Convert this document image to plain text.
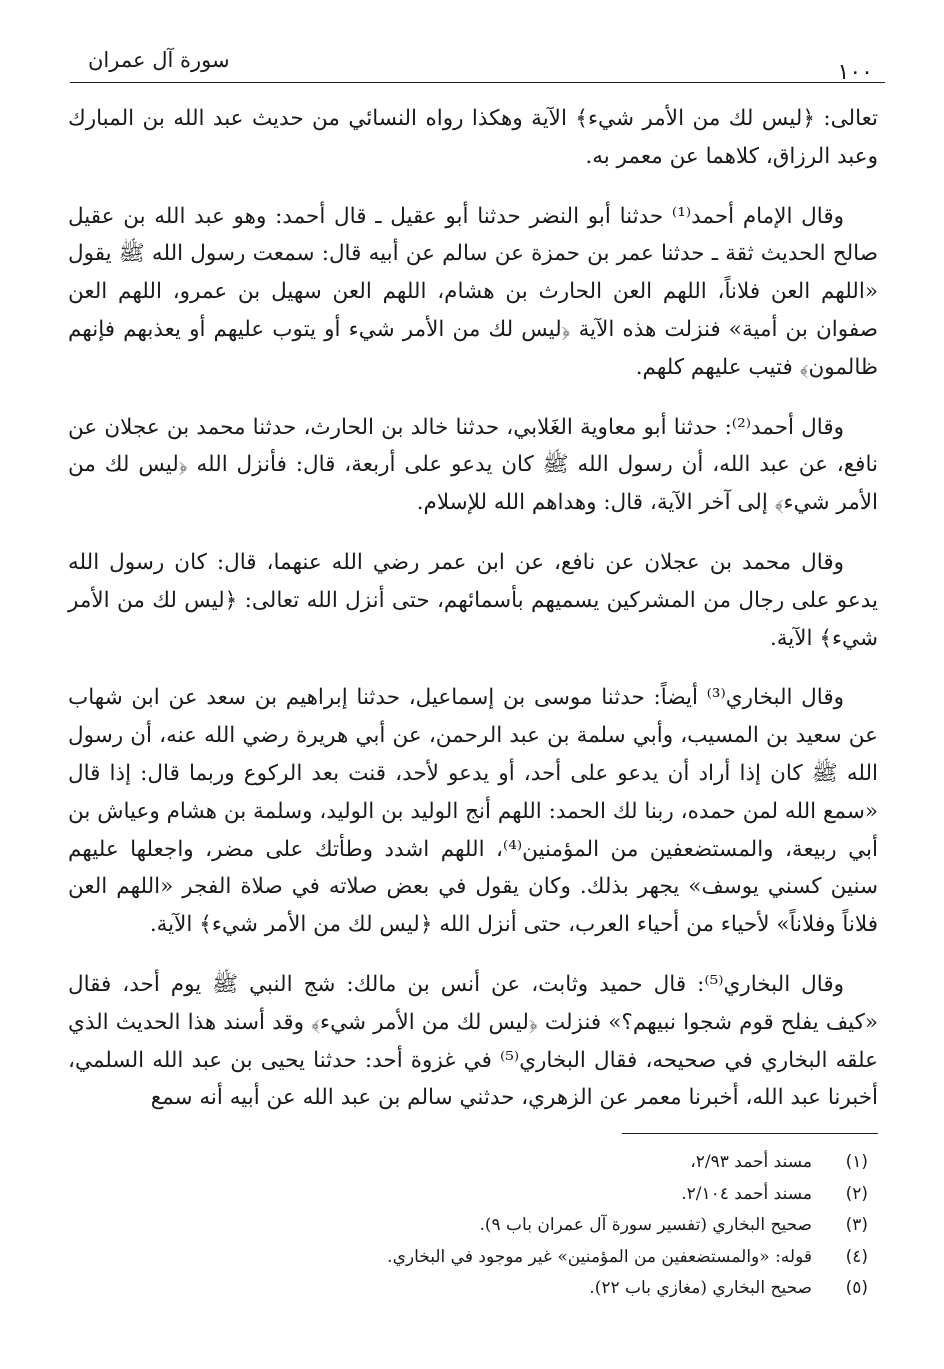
١٠٠

سورة آل عمران

تعالى: ﴿ليس لك من الأمر شيء﴾ الآية وهكذا رواه النسائي من حديث عبد الله بن المبارك وعبد الرزاق، كلاهما عن معمر به.

وقال الإمام أحمد⁽¹⁾ حدثنا أبو النضر حدثنا أبو عقيل ـ قال أحمد: وهو عبد الله بن عقيل صالح الحديث ثقة ـ حدثنا عمر بن حمزة عن سالم عن أبيه قال: سمعت رسول الله ﷺ يقول «اللهم العن فلاناً، اللهم العن الحارث بن هشام، اللهم العن سهيل بن عمرو، اللهم العن صفوان بن أمية» فنزلت هذه الآية ﴿ليس لك من الأمر شيء أو يتوب عليهم أو يعذبهم فإنهم ظالمون﴾ فتيب عليهم كلهم.

وقال أحمد⁽²⁾: حدثنا أبو معاوية الغَلابي، حدثنا خالد بن الحارث، حدثنا محمد بن عجلان عن نافع، عن عبد الله، أن رسول الله ﷺ كان يدعو على أربعة، قال: فأنزل الله ﴿ليس لك من الأمر شيء﴾ إلى آخر الآية، قال: وهداهم الله للإسلام.

وقال محمد بن عجلان عن نافع، عن ابن عمر رضي الله عنهما، قال: كان رسول الله يدعو على رجال من المشركين يسميهم بأسمائهم، حتى أنزل الله تعالى: ﴿ليس لك من الأمر شيء﴾ الآية.

وقال البخاري⁽³⁾ أيضاً: حدثنا موسى بن إسماعيل، حدثنا إبراهيم بن سعد عن ابن شهاب عن سعيد بن المسيب، وأبي سلمة بن عبد الرحمن، عن أبي هريرة رضي الله عنه، أن رسول الله ﷺ كان إذا أراد أن يدعو على أحد، أو يدعو لأحد، قنت بعد الركوع وربما قال: إذا قال «سمع الله لمن حمده، ربنا لك الحمد: اللهم أنج الوليد بن الوليد، وسلمة بن هشام وعياش بن أبي ربيعة، والمستضعفين من المؤمنين⁽⁴⁾، اللهم اشدد وطأتك على مضر، واجعلها عليهم سنين كسني يوسف» يجهر بذلك. وكان يقول في بعض صلاته في صلاة الفجر «اللهم العن فلاناً وفلاناً» لأحياء من أحياء العرب، حتى أنزل الله ﴿ليس لك من الأمر شيء﴾ الآية.

وقال البخاري⁽⁵⁾: قال حميد وثابت، عن أنس بن مالك: شج النبي ﷺ يوم أحد، فقال «كيف يفلح قوم شجوا نبيهم؟» فنزلت ﴿ليس لك من الأمر شيء﴾ وقد أسند هذا الحديث الذي علقه البخاري في صحيحه، فقال البخاري⁽⁵⁾ في غزوة أحد: حدثنا يحيى بن عبد الله السلمي، أخبرنا عبد الله، أخبرنا معمر عن الزهري، حدثني سالم بن عبد الله عن أبيه أنه سمع

(١)
مسند أحمد ٢/٩٣،
(٢)
مسند أحمد ٢/١٠٤.
(٣)
صحيح البخاري (تفسير سورة آل عمران باب ٩).
(٤)
قوله: «والمستضعفين من المؤمنين» غير موجود في البخاري.
(٥)
صحيح البخاري (مغازي باب ٢٢).
